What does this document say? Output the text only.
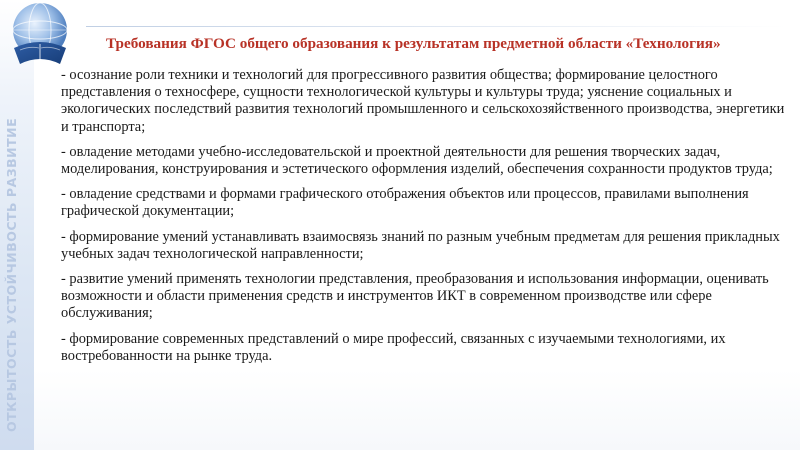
ОТКРЫТОСТЬ УСТОЙЧИВОСТЬ РАЗВИТИЕ
Требования ФГОС общего образования к результатам предметной области «Технология»

- осознание роли техники и технологий для прогрессивного развития общества; формирование целостного представления о техносфере, сущности технологической культуры и культуры труда; уяснение социальных и экологических последствий развития технологий промышленного и сельскохозяйственного производства, энергетики и транспорта;

- овладение методами учебно-исследовательской и проектной деятельности для решения творческих задач, моделирования, конструирования и эстетического оформления изделий, обеспечения сохранности продуктов труда;

- овладение средствами и формами графического отображения объектов или процессов, правилами выполнения графической документации;

- формирование умений устанавливать взаимосвязь знаний по разным учебным предметам для решения прикладных учебных задач технологической направленности;

- развитие умений применять технологии представления, преобразования и использования информации, оценивать возможности и области применения средств и инструментов ИКТ в современном производстве или сфере обслуживания;

- формирование современных представлений о мире профессий, связанных с изучаемыми технологиями, их востребованности на рынке труда.
